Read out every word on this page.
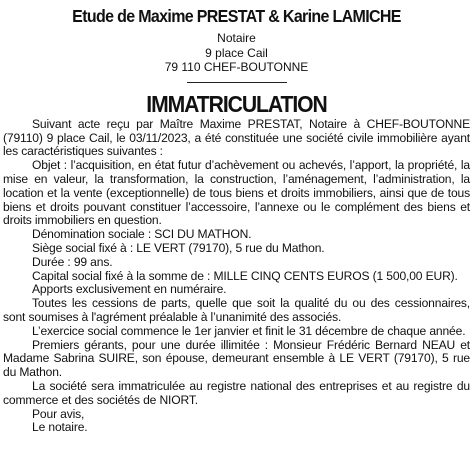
Etude de Maxime PRESTAT & Karine LAMICHE
Notaire
9 place Cail
79 110 CHEF-BOUTONNE
IMMATRICULATION

Suivant acte reçu par Maître Maxime PRESTAT, Notaire à CHEF-BOUTONNE (79110) 9 place Cail, le 03/11/2023, a été constituée une société civile immobilière ayant les caractéristiques suivantes :

Objet : l’acquisition, en état futur d’achèvement ou achevés, l’apport, la propriété, la mise en valeur, la transformation, la construction, l’aménagement, l’administration, la location et la vente (exceptionnelle) de tous biens et droits immobiliers, ainsi que de tous biens et droits pouvant constituer l’accessoire, l’annexe ou le complément des biens et droits immobiliers en question.

Dénomination sociale : SCI DU MATHON.

Siège social fixé à : LE VERT (79170), 5 rue du Mathon.

Durée : 99 ans.

Capital social fixé à la somme de : MILLE CINQ CENTS EUROS (1 500,00 EUR).

Apports exclusivement en numéraire.

Toutes les cessions de parts, quelle que soit la qualité du ou des cessionnaires, sont soumises à l'agrément préalable à l’unanimité des associés.

L’exercice social commence le 1er janvier et finit le 31 décembre de chaque année.

Premiers gérants, pour une durée illimitée : Monsieur Frédéric Bernard NEAU et Madame Sabrina SUIRE, son épouse, demeurant ensemble à LE VERT (79170), 5 rue du Mathon.

La société sera immatriculée au registre national des entreprises et au registre du commerce et des sociétés de NIORT.

Pour avis,

Le notaire.
